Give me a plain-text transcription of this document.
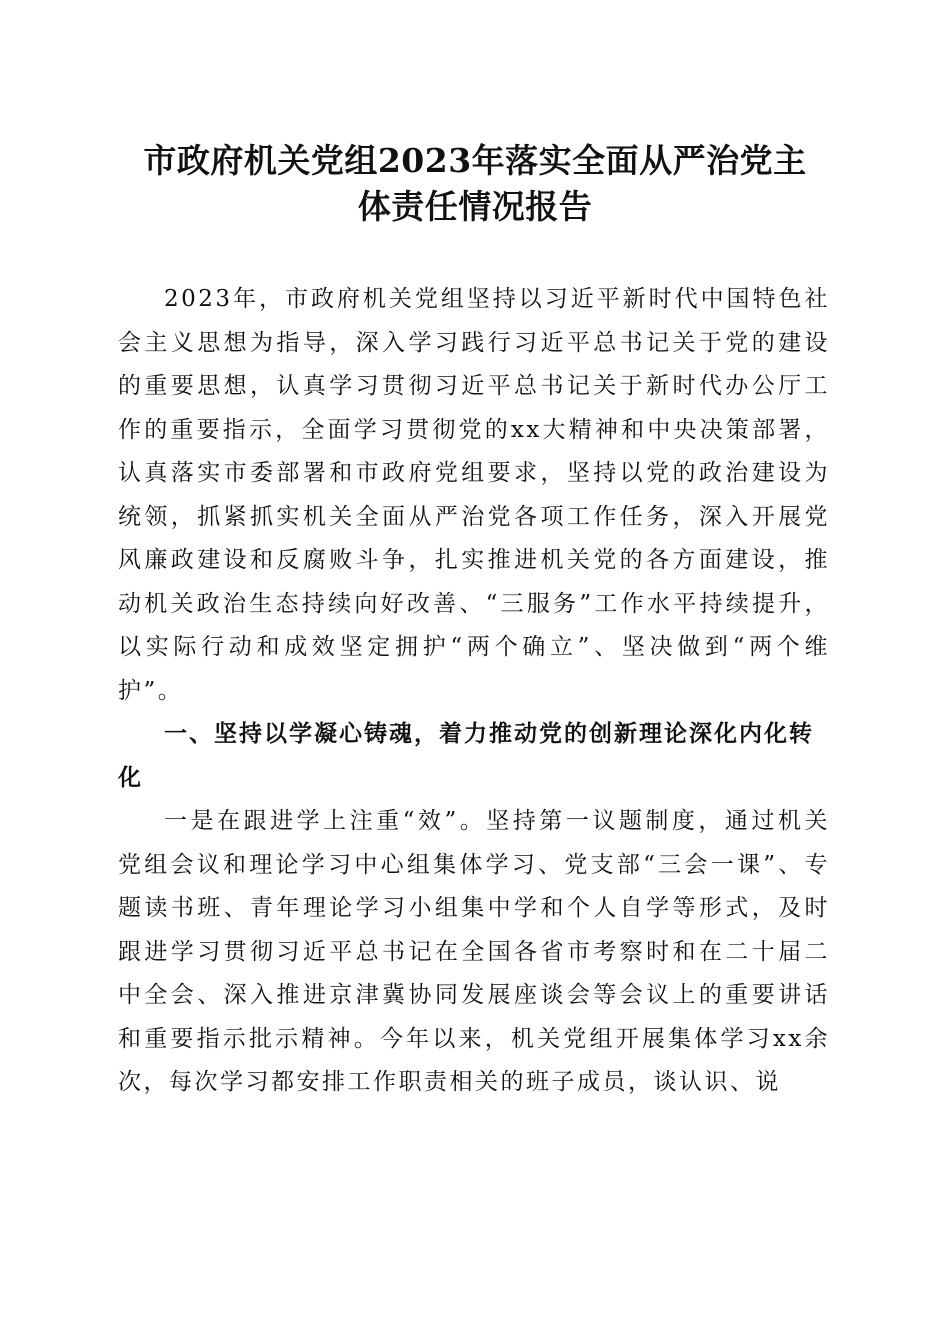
市政府机关党组2023年落实全面从严治党主
体责任情况报告

2023年，市政府机关党组坚持以习近平新时代中国特色社会主义思想为指导，深入学习践行习近平总书记关于党的建设的重要思想，认真学习贯彻习近平总书记关于新时代办公厅工作的重要指示，全面学习贯彻党的xx大精神和中央决策部署，认真落实市委部署和市政府党组要求，坚持以党的政治建设为统领，抓紧抓实机关全面从严治党各项工作任务，深入开展党风廉政建设和反腐败斗争，扎实推进机关党的各方面建设，推动机关政治生态持续向好改善、“三服务”工作水平持续提升，以实际行动和成效坚定拥护“两个确立”、坚决做到“两个维护”。

一、坚持以学凝心铸魂，着力推动党的创新理论深化内化转化

一是在跟进学上注重“效”。坚持第一议题制度，通过机关党组会议和理论学习中心组集体学习、党支部“三会一课”、专题读书班、青年理论学习小组集中学和个人自学等形式，及时跟进学习贯彻习近平总书记在全国各省市考察时和在二十届二中全会、深入推进京津冀协同发展座谈会等会议上的重要讲话和重要指示批示精神。今年以来，机关党组开展集体学习xx余次，每次学习都安排工作职责相关的班子成员，谈认识、说
